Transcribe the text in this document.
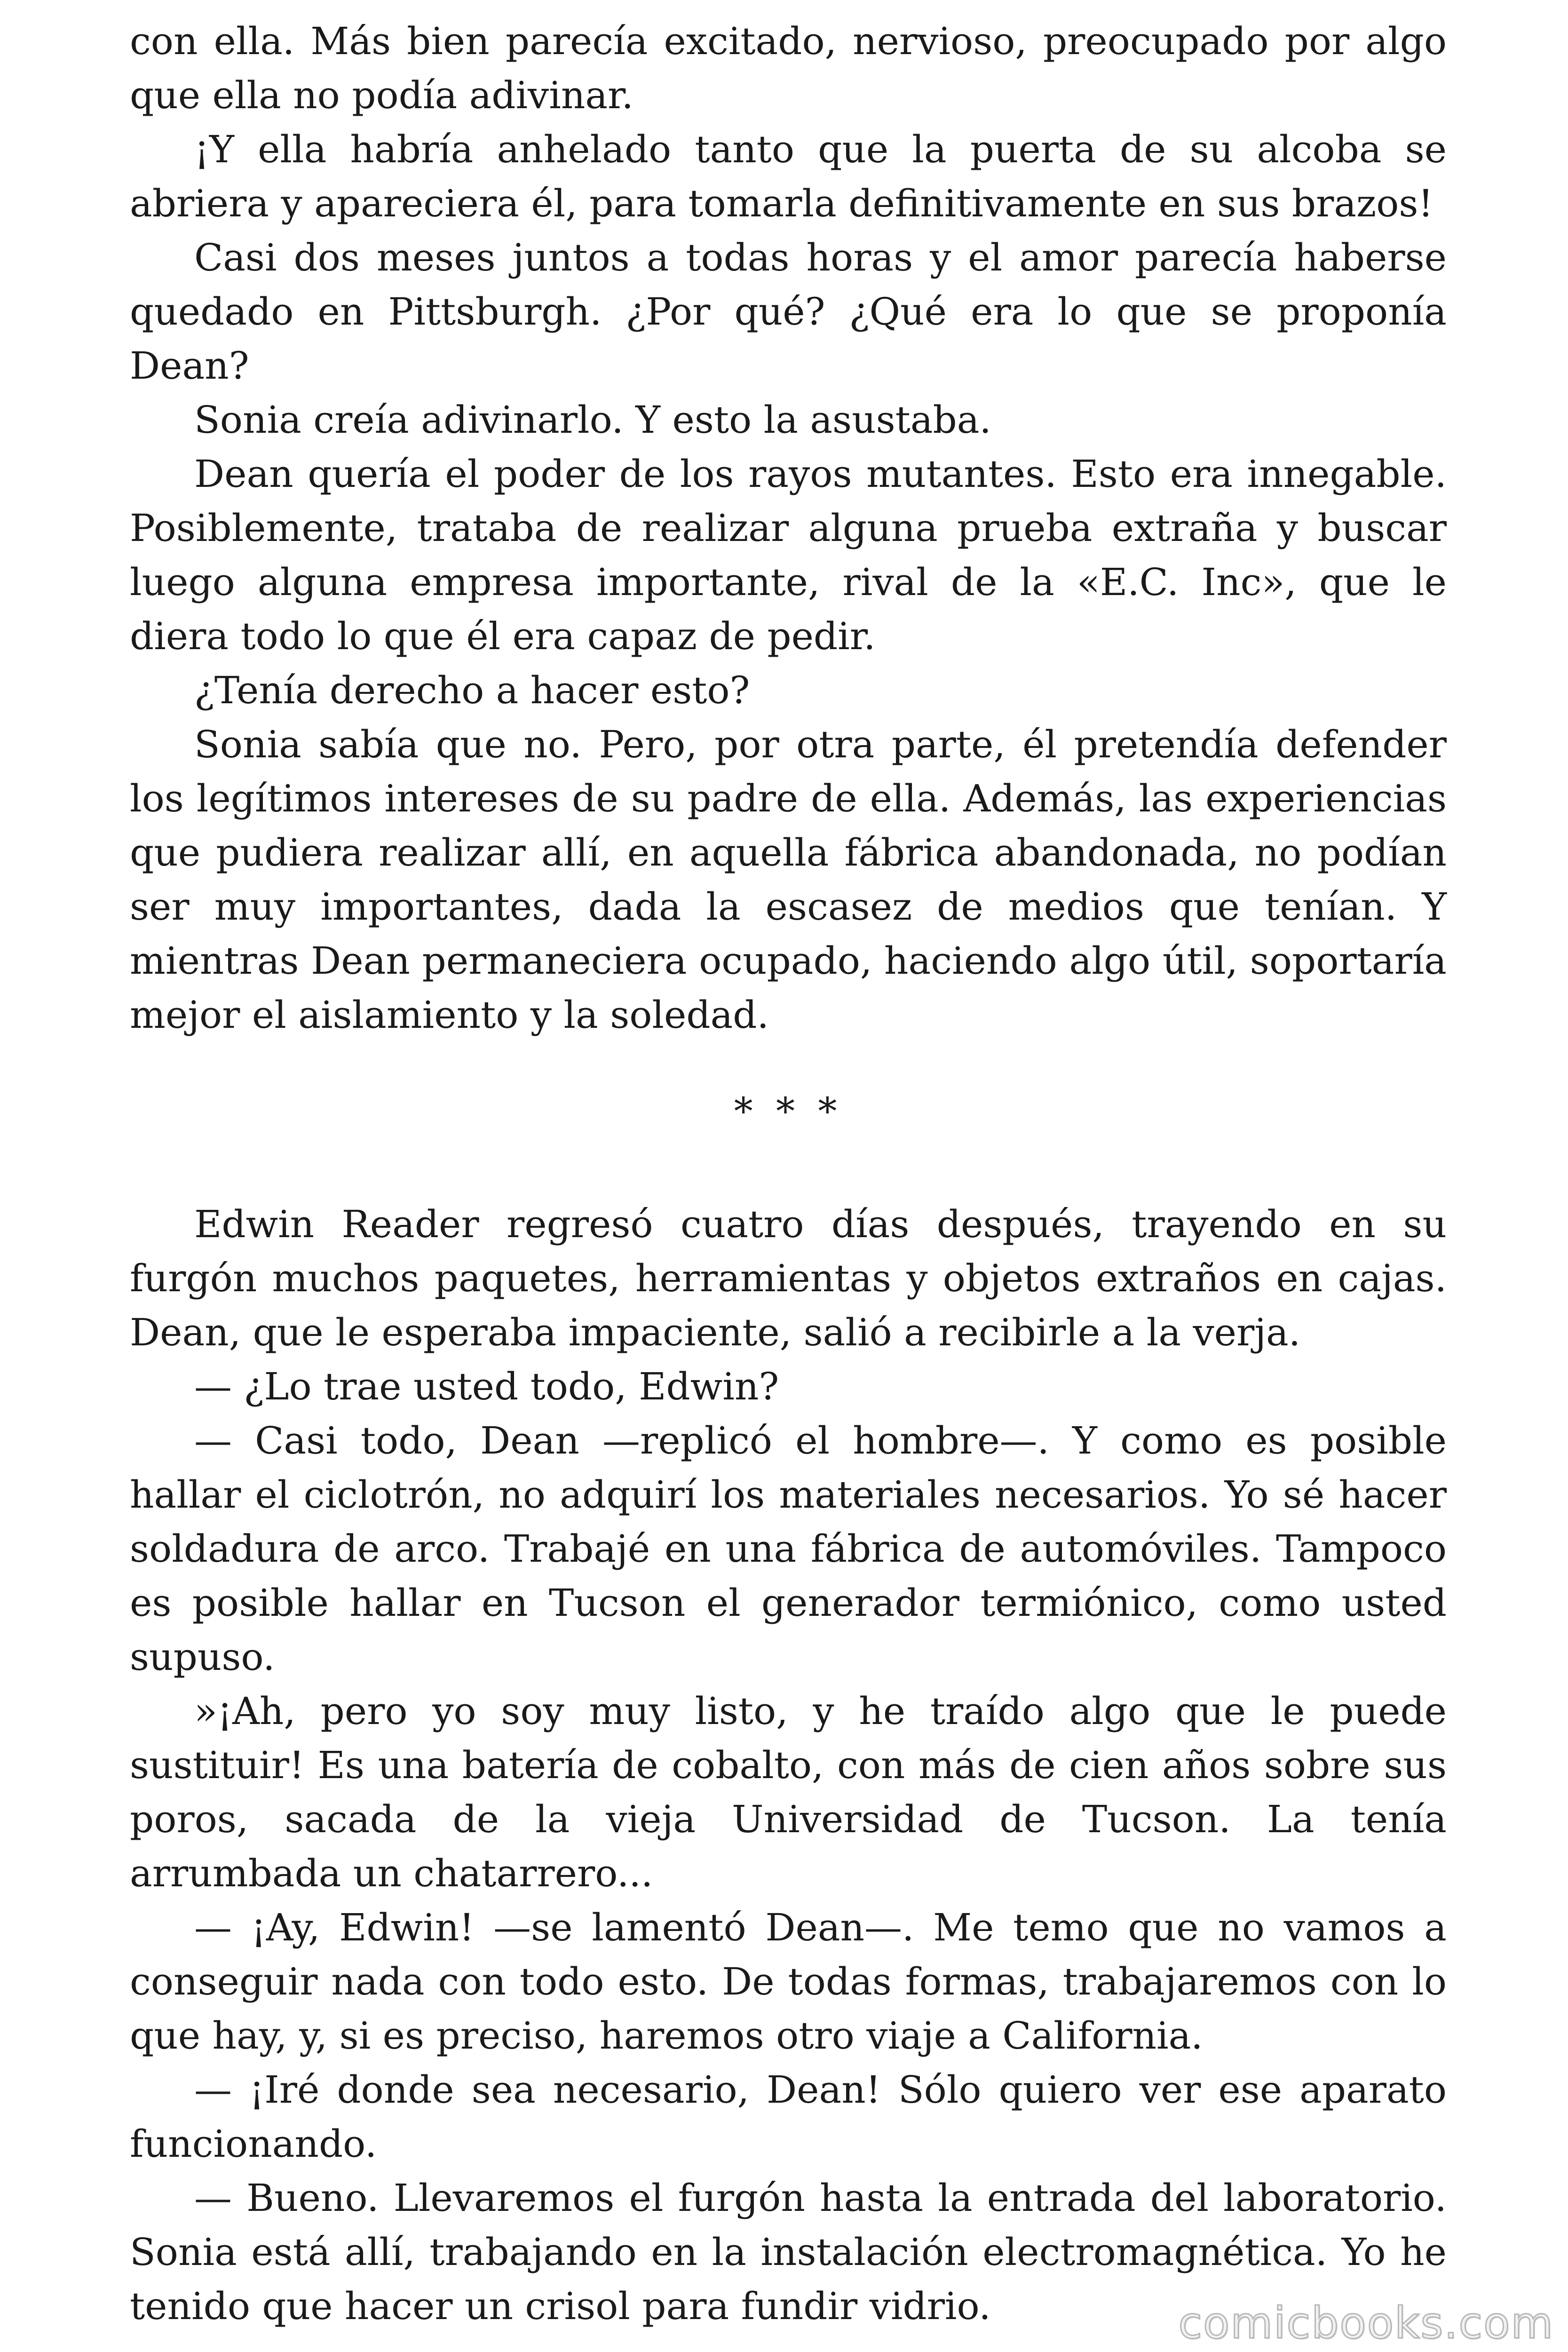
con ella. Más bien parecía excitado, nervioso, preocupado por algo que ella no podía adivinar.

¡Y ella habría anhelado tanto que la puerta de su alcoba se abriera y apareciera él, para tomarla definitivamente en sus brazos!

Casi dos meses juntos a todas horas y el amor parecía haberse quedado en Pittsburgh. ¿Por qué? ¿Qué era lo que se proponía Dean?

Sonia creía adivinarlo. Y esto la asustaba.

Dean quería el poder de los rayos mutantes. Esto era innegable. Posiblemente, trataba de realizar alguna prueba extraña y buscar luego alguna empresa importante, rival de la «E.C. Inc», que le diera todo lo que él era capaz de pedir.

¿Tenía derecho a hacer esto?

Sonia sabía que no. Pero, por otra parte, él pretendía defender los legítimos intereses de su padre de ella. Además, las experiencias que pudiera realizar allí, en aquella fábrica abandonada, no podían ser muy importantes, dada la escasez de medios que tenían. Y mientras Dean permaneciera ocupado, haciendo algo útil, soportaría mejor el aislamiento y la soledad.

* * *

Edwin Reader regresó cuatro días después, trayendo en su furgón muchos paquetes, herramientas y objetos extraños en cajas. Dean, que le esperaba impaciente, salió a recibirle a la verja.

— ¿Lo trae usted todo, Edwin?

— Casi todo, Dean —replicó el hombre—. Y como es posible hallar el ciclotrón, no adquirí los materiales necesarios. Yo sé hacer soldadura de arco. Trabajé en una fábrica de automóviles. Tampoco es posible hallar en Tucson el generador termiónico, como usted supuso.

»¡Ah, pero yo soy muy listo, y he traído algo que le puede sustituir! Es una batería de cobalto, con más de cien años sobre sus poros, sacada de la vieja Universidad de Tucson. La tenía arrumbada un chatarrero...

— ¡Ay, Edwin! —se lamentó Dean—. Me temo que no vamos a conseguir nada con todo esto. De todas formas, trabajaremos con lo que hay, y, si es preciso, haremos otro viaje a California.

— ¡Iré donde sea necesario, Dean! Sólo quiero ver ese aparato funcionando.

— Bueno. Llevaremos el furgón hasta la entrada del laboratorio. Sonia está allí, trabajando en la instalación electromagnética. Yo he tenido que hacer un crisol para fundir vidrio.	comicbooks.com
